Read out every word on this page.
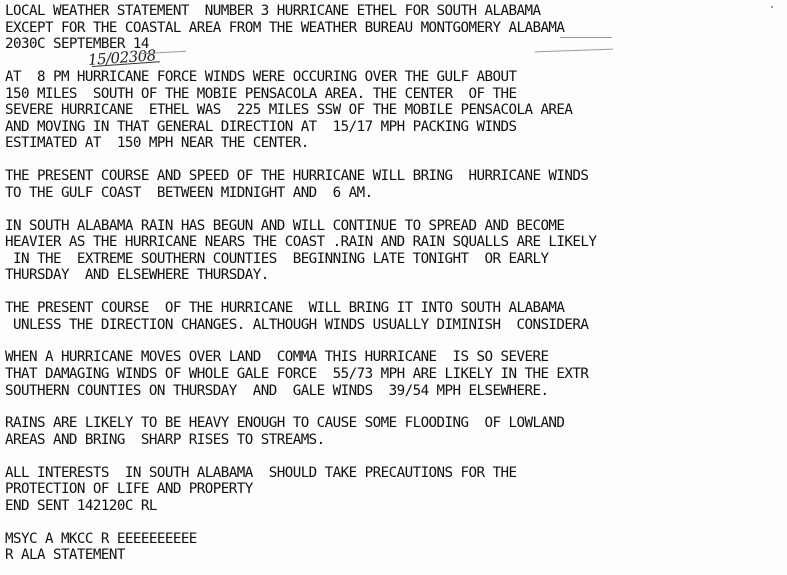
LOCAL WEATHER STATEMENT  NUMBER 3 HURRICANE ETHEL FOR SOUTH ALABAMA
EXCEPT FOR THE COASTAL AREA FROM THE WEATHER BUREAU MONTGOMERY ALABAMA
2030C SEPTEMBER 14
AT  8 PM HURRICANE FORCE WINDS WERE OCCURING OVER THE GULF ABOUT
150 MILES  SOUTH OF THE MOBIE PENSACOLA AREA. THE CENTER  OF THE
SEVERE HURRICANE  ETHEL WAS  225 MILES SSW OF THE MOBILE PENSACOLA AREA
AND MOVING IN THAT GENERAL DIRECTION AT  15/17 MPH PACKING WINDS
ESTIMATED AT  150 MPH NEAR THE CENTER.
THE PRESENT COURSE AND SPEED OF THE HURRICANE WILL BRING  HURRICANE WINDS
TO THE GULF COAST  BETWEEN MIDNIGHT AND  6 AM.
IN SOUTH ALABAMA RAIN HAS BEGUN AND WILL CONTINUE TO SPREAD AND BECOME
HEAVIER AS THE HURRICANE NEARS THE COAST .RAIN AND RAIN SQUALLS ARE LIKELY
IN THE  EXTREME SOUTHERN COUNTIES  BEGINNING LATE TONIGHT  OR EARLY
THURSDAY  AND ELSEWHERE THURSDAY.
THE PRESENT COURSE  OF THE HURRICANE  WILL BRING IT INTO SOUTH ALABAMA
UNLESS THE DIRECTION CHANGES. ALTHOUGH WINDS USUALLY DIMINISH  CONSIDERA
WHEN A HURRICANE MOVES OVER LAND  COMMA THIS HURRICANE  IS SO SEVERE
THAT DAMAGING WINDS OF WHOLE GALE FORCE  55/73 MPH ARE LIKELY IN THE EXTR
SOUTHERN COUNTIES ON THURSDAY  AND  GALE WINDS  39/54 MPH ELSEWHERE.
RAINS ARE LIKELY TO BE HEAVY ENOUGH TO CAUSE SOME FLOODING  OF LOWLAND
AREAS AND BRING  SHARP RISES TO STREAMS.
ALL INTERESTS  IN SOUTH ALABAMA  SHOULD TAKE PRECAUTIONS FOR THE
PROTECTION OF LIFE AND PROPERTY
END SENT 142120C RL
MSYC A MKCC R EEEEEEEEEE
R ALA STATEMENT
15/02308
